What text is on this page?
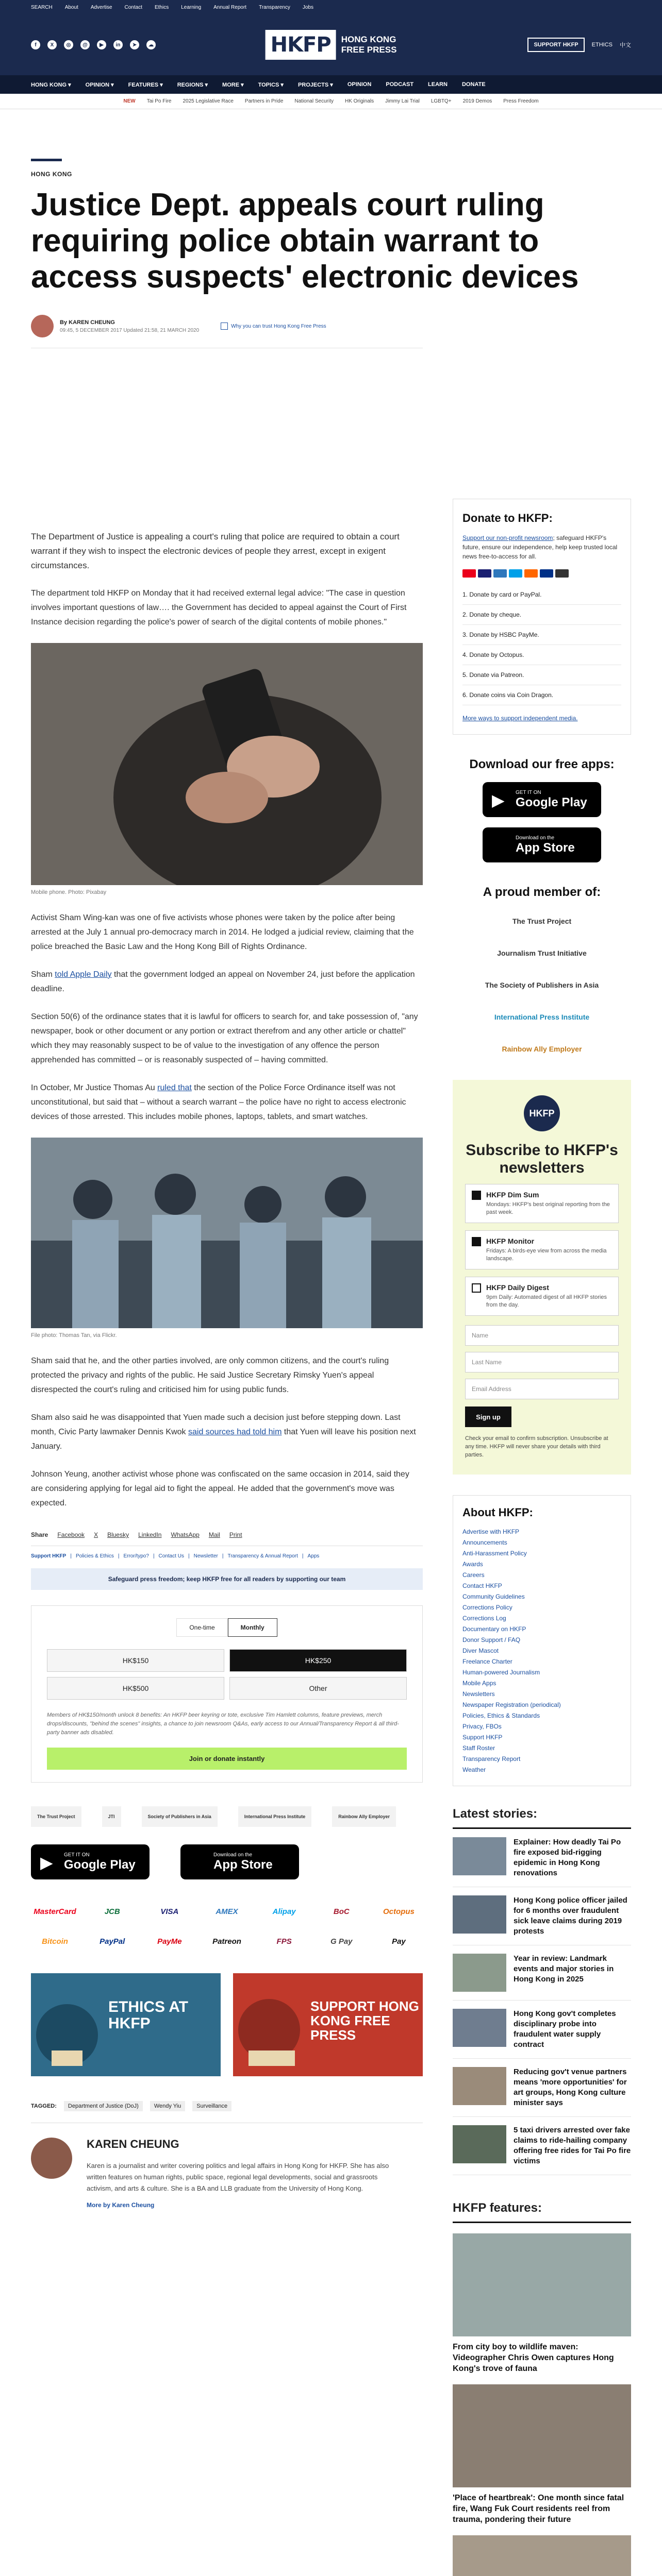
SEARCH About Advertise Contact Ethics Learning Annual Report Transparency Jobs
f	X	◎	@	▶	in	➤	☁	HKFP	HONG KONG
FREE PRESS	SUPPORT HKFP	ETHICS 中文
HONG KONG ▾	OPINION ▾	FEATURES ▾	REGIONS ▾	MORE ▾	TOPICS ▾	PROJECTS ▾	OPINION	PODCAST	LEARN	DONATE
NEW Tai Po Fire 2025 Legislative Race Partners in Pride National Security HK Originals Jimmy Lai Trial LGBTQ+ 2019 Demos Press Freedom
HONG KONG
Justice Dept. appeals court ruling requiring police obtain warrant to access suspects' electronic devices
By KAREN CHEUNG
09:45, 5 DECEMBER 2017 Updated 21:58, 21 MARCH 2020
Why you can trust Hong Kong Free Press

The Department of Justice is appealing a court's ruling that police are required to obtain a court warrant if they wish to inspect the electronic devices of people they arrest, except in exigent circumstances.

The department told HKFP on Monday that it had received external legal advice: "The case in question involves important questions of law…. the Government has decided to appeal against the Court of First Instance decision regarding the police's power of search of the digital contents of mobile phones."

Mobile phone. Photo: Pixabay

Activist Sham Wing-kan was one of five activists whose phones were taken by the police after being arrested at the July 1 annual pro-democracy march in 2014. He lodged a judicial review, claiming that the police breached the Basic Law and the Hong Kong Bill of Rights Ordinance.

Sham told Apple Daily that the government lodged an appeal on November 24, just before the application deadline.

Section 50(6) of the ordinance states that it is lawful for officers to search for, and take possession of, "any newspaper, book or other document or any portion or extract therefrom and any other article or chattel" which they may reasonably suspect to be of value to the investigation of any offence the person apprehended has committed – or is reasonably suspected of – having committed.

In October, Mr Justice Thomas Au ruled that the section of the Police Force Ordinance itself was not unconstitutional, but said that – without a search warrant – the police have no right to access electronic devices of those arrested. This includes mobile phones, laptops, tablets, and smart watches.

File photo: Thomas Tan, via Flickr.

Sham said that he, and the other parties involved, are only common citizens, and the court's ruling protected the privacy and rights of the public. He said Justice Secretary Rimsky Yuen's appeal disrespected the court's ruling and criticised him for using public funds.

Sham also said he was disappointed that Yuen made such a decision just before stepping down. Last month, Civic Party lawmaker Dennis Kwok said sources had told him that Yuen will leave his position next January.

Johnson Yeung, another activist whose phone was confiscated on the same occasion in 2014, said they are considering applying for legal aid to fight the appeal. He added that the government's move was expected.

Share Facebook X Bluesky LinkedIn WhatsApp Mail Print
Support HKFP | Policies & Ethics | Error/typo? | Contact Us | Newsletter | Transparency & Annual Report | Apps
Safeguard press freedom; keep HKFP free for all readers by supporting our team
One-time	Monthly
HK$150	HK$250
HK$500	Other
Members of HK$150/month unlock 8 benefits: An HKFP beer keyring or tote, exclusive Tim Hamlett columns, feature previews, merch drops/discounts, "behind the scenes" insights, a chance to join newsroom Q&As, early access to our Annual/Transparency Report & all third-party banner ads disabled.
Join or donate instantly
The Trust Project	JTI	Society of Publishers in Asia	International Press Institute	Rainbow Ally Employer
▶ GET IT ON
Google Play
Download on the
App Store
MasterCard	JCB	VISA	AMEX	Alipay	BoC	Octopus
Bitcoin	PayPal	PayMe	Patreon	FPS	G Pay	Pay
ETHICS AT HKFP
SUPPORT HONG KONG FREE PRESS
TAGGED:	Department of Justice (DoJ)	Wendy Yiu	Surveillance
KAREN CHEUNG
Karen is a journalist and writer covering politics and legal affairs in Hong Kong for HKFP. She has also written features on human rights, public space, regional legal developments, social and grassroots activism, and arts & culture. She is a BA and LLB graduate from the University of Hong Kong.
More by Karen Cheung
Donate to HKFP:
Support our non-profit newsroom; safeguard HKFP's future, ensure our independence, help keep trusted local news free-to-access for all.
1. Donate by card or PayPal.
2. Donate by cheque.
3. Donate by HSBC PayMe.
4. Donate by Octopus.
5. Donate via Patreon.
6. Donate coins via Coin Dragon.
More ways to support independent media.
Download our free apps:
▶ GET IT ON
Google Play
Download on the
App Store
A proud member of:
The Trust Project
Journalism Trust Initiative
The Society of Publishers in Asia
International Press Institute
Rainbow Ally Employer
HKFP
Subscribe to HKFP's newsletters
HKFP Dim Sum
Mondays: HKFP's best original reporting from the past week.
HKFP Monitor
Fridays: A birds-eye view from across the media landscape.
HKFP Daily Digest
9pm Daily: Automated digest of all HKFP stories from the day.
Name
Last Name
Email Address
Sign up
Check your email to confirm subscription. Unsubscribe at any time. HKFP will never share your details with third parties.
About HKFP:
Advertise with HKFP
Announcements
Anti-Harassment Policy
Awards
Careers
Contact HKFP
Community Guidelines
Corrections Policy
Corrections Log
Documentary on HKFP
Donor Support / FAQ
Diver Mascot
Freelance Charter
Human-powered Journalism
Mobile Apps
Newsletters
Newspaper Registration (periodical)
Policies, Ethics & Standards
Privacy, FBOs
Support HKFP
Staff Roster
Transparency Report
Weather
Latest stories:
Explainer: How deadly Tai Po fire exposed bid-rigging epidemic in Hong Kong renovations
Hong Kong police officer jailed for 6 months over fraudulent sick leave claims during 2019 protests
Year in review: Landmark events and major stories in Hong Kong in 2025
Hong Kong gov't completes disciplinary probe into fraudulent water supply contract
Reducing gov't venue partners means 'more opportunities' for art groups, Hong Kong culture minister says
5 taxi drivers arrested over fake claims to ride-hailing company offering free rides for Tai Po fire victims
HKFP features:
From city boy to wildlife maven: Videographer Chris Owen captures Hong Kong's trove of fauna
'Place of heartbreak': One month since fatal fire, Wang Fuk Court residents reel from trauma, pondering their future
